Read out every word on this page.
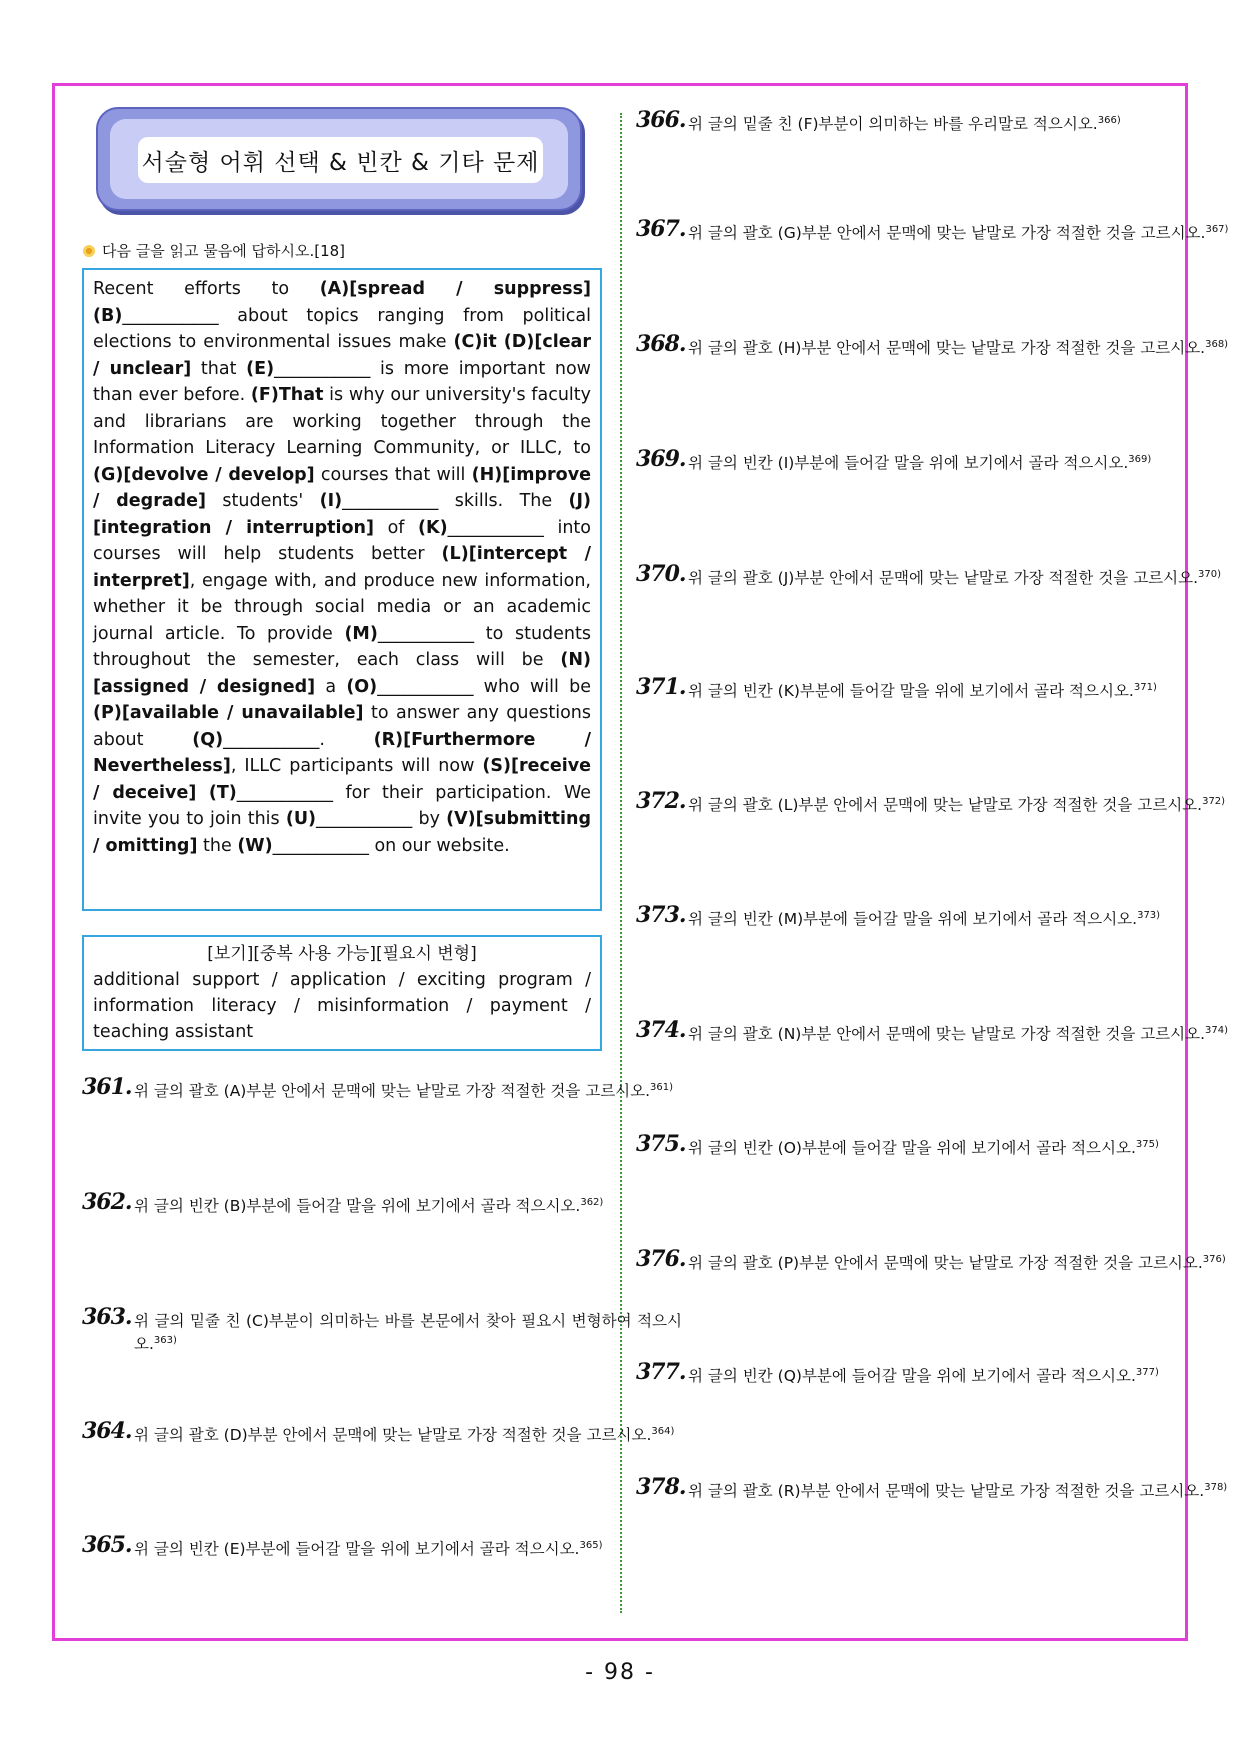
서술형 어휘 선택 & 빈칸 & 기타 문제
다음 글을 읽고 물음에 답하시오.[18]
Recent efforts to (A)[spread / suppress] (B)___________ about topics ranging from political elections to environmental issues make (C)it (D)[clear / unclear] that (E)___________ is more important now than ever before. (F)That is why our university's faculty and librarians are working together through the Information Literacy Learning Community, or ILLC, to (G)[devolve / develop] courses that will (H)[improve / degrade] students' (I)___________ skills. The (J)[integration / interruption] of (K)___________ into courses will help students better (L)[intercept / interpret], engage with, and produce new information, whether it be through social media or an academic journal article. To provide (M)___________ to students throughout the semester, each class will be (N)[assigned / designed] a (O)___________ who will be (P)[available / unavailable] to answer any questions about (Q)___________. (R)[Furthermore / Nevertheless], ILLC participants will now (S)[receive / deceive] (T)___________ for their participation. We invite you to join this (U)___________ by (V)[submitting / omitting] the (W)___________ on our website.
[보기][중복 사용 가능][필요시 변형]
additional support / application / exciting program / information literacy / misinformation / payment / teaching assistant
361. 위 글의 괄호 (A)부분 안에서 문맥에 맞는 낱말로 가장 적절한 것을 고르시오.$^{361)}$
362. 위 글의 빈칸 (B)부분에 들어갈 말을 위에 보기에서 골라 적으시오.$^{362)}$
363. 위 글의 밑줄 친 (C)부분이 의미하는 바를 본문에서 찾아 필요시 변형하여 적으시오.$^{363)}$
364. 위 글의 괄호 (D)부분 안에서 문맥에 맞는 낱말로 가장 적절한 것을 고르시오.$^{364)}$
365. 위 글의 빈칸 (E)부분에 들어갈 말을 위에 보기에서 골라 적으시오.$^{365)}$
366. 위 글의 밑줄 친 (F)부분이 의미하는 바를 우리말로 적으시오.$^{366)}$
367. 위 글의 괄호 (G)부분 안에서 문맥에 맞는 낱말로 가장 적절한 것을 고르시오.$^{367)}$
368. 위 글의 괄호 (H)부분 안에서 문맥에 맞는 낱말로 가장 적절한 것을 고르시오.$^{368)}$
369. 위 글의 빈칸 (I)부분에 들어갈 말을 위에 보기에서 골라 적으시오.$^{369)}$
370. 위 글의 괄호 (J)부분 안에서 문맥에 맞는 낱말로 가장 적절한 것을 고르시오.$^{370)}$
371. 위 글의 빈칸 (K)부분에 들어갈 말을 위에 보기에서 골라 적으시오.$^{371)}$
372. 위 글의 괄호 (L)부분 안에서 문맥에 맞는 낱말로 가장 적절한 것을 고르시오.$^{372)}$
373. 위 글의 빈칸 (M)부분에 들어갈 말을 위에 보기에서 골라 적으시오.$^{373)}$
374. 위 글의 괄호 (N)부분 안에서 문맥에 맞는 낱말로 가장 적절한 것을 고르시오.$^{374)}$
375. 위 글의 빈칸 (O)부분에 들어갈 말을 위에 보기에서 골라 적으시오.$^{375)}$
376. 위 글의 괄호 (P)부분 안에서 문맥에 맞는 낱말로 가장 적절한 것을 고르시오.$^{376)}$
377. 위 글의 빈칸 (Q)부분에 들어갈 말을 위에 보기에서 골라 적으시오.$^{377)}$
378. 위 글의 괄호 (R)부분 안에서 문맥에 맞는 낱말로 가장 적절한 것을 고르시오.$^{378)}$
- 98 -
